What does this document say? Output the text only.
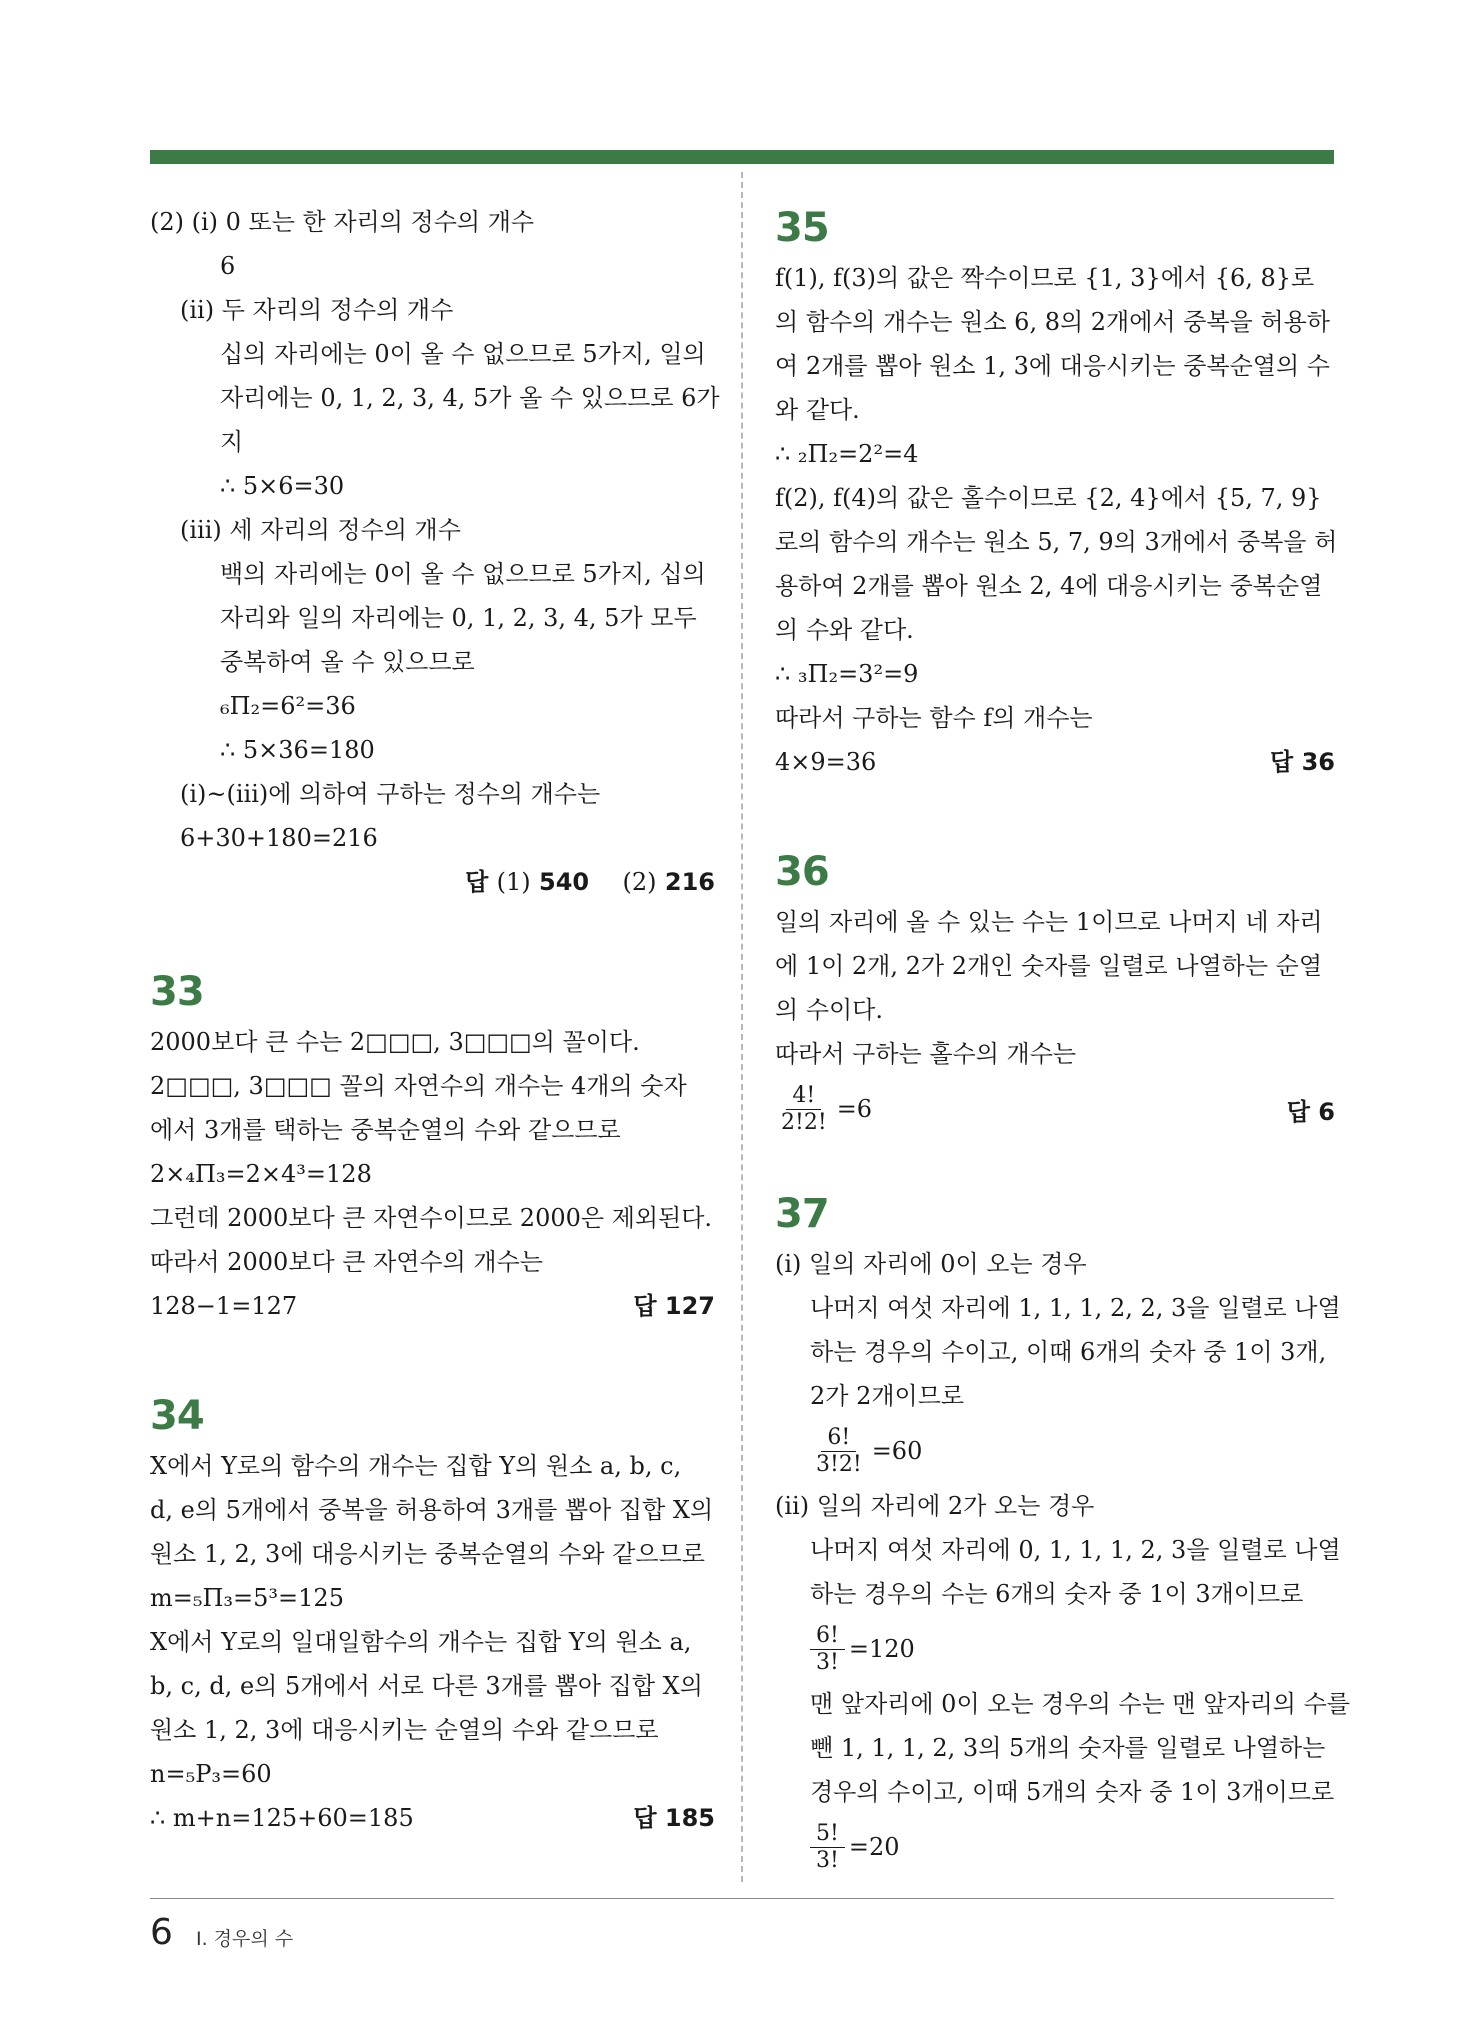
(2) (ⅰ) 0 또는 한 자리의 정수의 개수
6
(ⅱ) 두 자리의 정수의 개수
십의 자리에는 0이 올 수 없으므로 5가지, 일의
자리에는 0, 1, 2, 3, 4, 5가 올 수 있으므로 6가
지
∴ 5×6=30
(ⅲ) 세 자리의 정수의 개수
백의 자리에는 0이 올 수 없으므로 5가지, 십의
자리와 일의 자리에는 0, 1, 2, 3, 4, 5가 모두
중복하여 올 수 있으므로
₆Π₂=6²=36
∴ 5×36=180
(ⅰ)~(ⅲ)에 의하여 구하는 정수의 개수는
6+30+180=216
답 (1) 540 (2) 216
33
2000보다 큰 수는 2□□□, 3□□□의 꼴이다.
2□□□, 3□□□ 꼴의 자연수의 개수는 4개의 숫자
에서 3개를 택하는 중복순열의 수와 같으므로
2×₄Π₃=2×4³=128
그런데 2000보다 큰 자연수이므로 2000은 제외된다.
따라서 2000보다 큰 자연수의 개수는
128−1=127	답 127
34
X에서 Y로의 함수의 개수는 집합 Y의 원소 a, b, c,
d, e의 5개에서 중복을 허용하여 3개를 뽑아 집합 X의
원소 1, 2, 3에 대응시키는 중복순열의 수와 같으므로
m=₅Π₃=5³=125
X에서 Y로의 일대일함수의 개수는 집합 Y의 원소 a,
b, c, d, e의 5개에서 서로 다른 3개를 뽑아 집합 X의
원소 1, 2, 3에 대응시키는 순열의 수와 같으므로
n=₅P₃=60
∴ m+n=125+60=185	답 185
35
f(1), f(3)의 값은 짝수이므로 {1, 3}에서 {6, 8}로
의 함수의 개수는 원소 6, 8의 2개에서 중복을 허용하
여 2개를 뽑아 원소 1, 3에 대응시키는 중복순열의 수
와 같다.
∴ ₂Π₂=2²=4
f(2), f(4)의 값은 홀수이므로 {2, 4}에서 {5, 7, 9}
로의 함수의 개수는 원소 5, 7, 9의 3개에서 중복을 허
용하여 2개를 뽑아 원소 2, 4에 대응시키는 중복순열
의 수와 같다.
∴ ₃Π₂=3²=9
따라서 구하는 함수 f의 개수는
4×9=36	답 36
36
일의 자리에 올 수 있는 수는 1이므로 나머지 네 자리
에 1이 2개, 2가 2개인 숫자를 일렬로 나열하는 순열
의 수이다.
따라서 구하는 홀수의 개수는
$\frac{4!}{2!2!} =6$	답 6
37
(ⅰ) 일의 자리에 0이 오는 경우
나머지 여섯 자리에 1, 1, 1, 2, 2, 3을 일렬로 나열
하는 경우의 수이고, 이때 6개의 숫자 중 1이 3개,
2가 2개이므로
$\frac{6!}{3!2!} =60$
(ⅱ) 일의 자리에 2가 오는 경우
나머지 여섯 자리에 0, 1, 1, 1, 2, 3을 일렬로 나열
하는 경우의 수는 6개의 숫자 중 1이 3개이므로
$\frac{6!}{3!} =120$
맨 앞자리에 0이 오는 경우의 수는 맨 앞자리의 수를
뺀 1, 1, 1, 2, 3의 5개의 숫자를 일렬로 나열하는
경우의 수이고, 이때 5개의 숫자 중 1이 3개이므로
$\frac{5!}{3!} =20$
6 Ⅰ. 경우의 수
